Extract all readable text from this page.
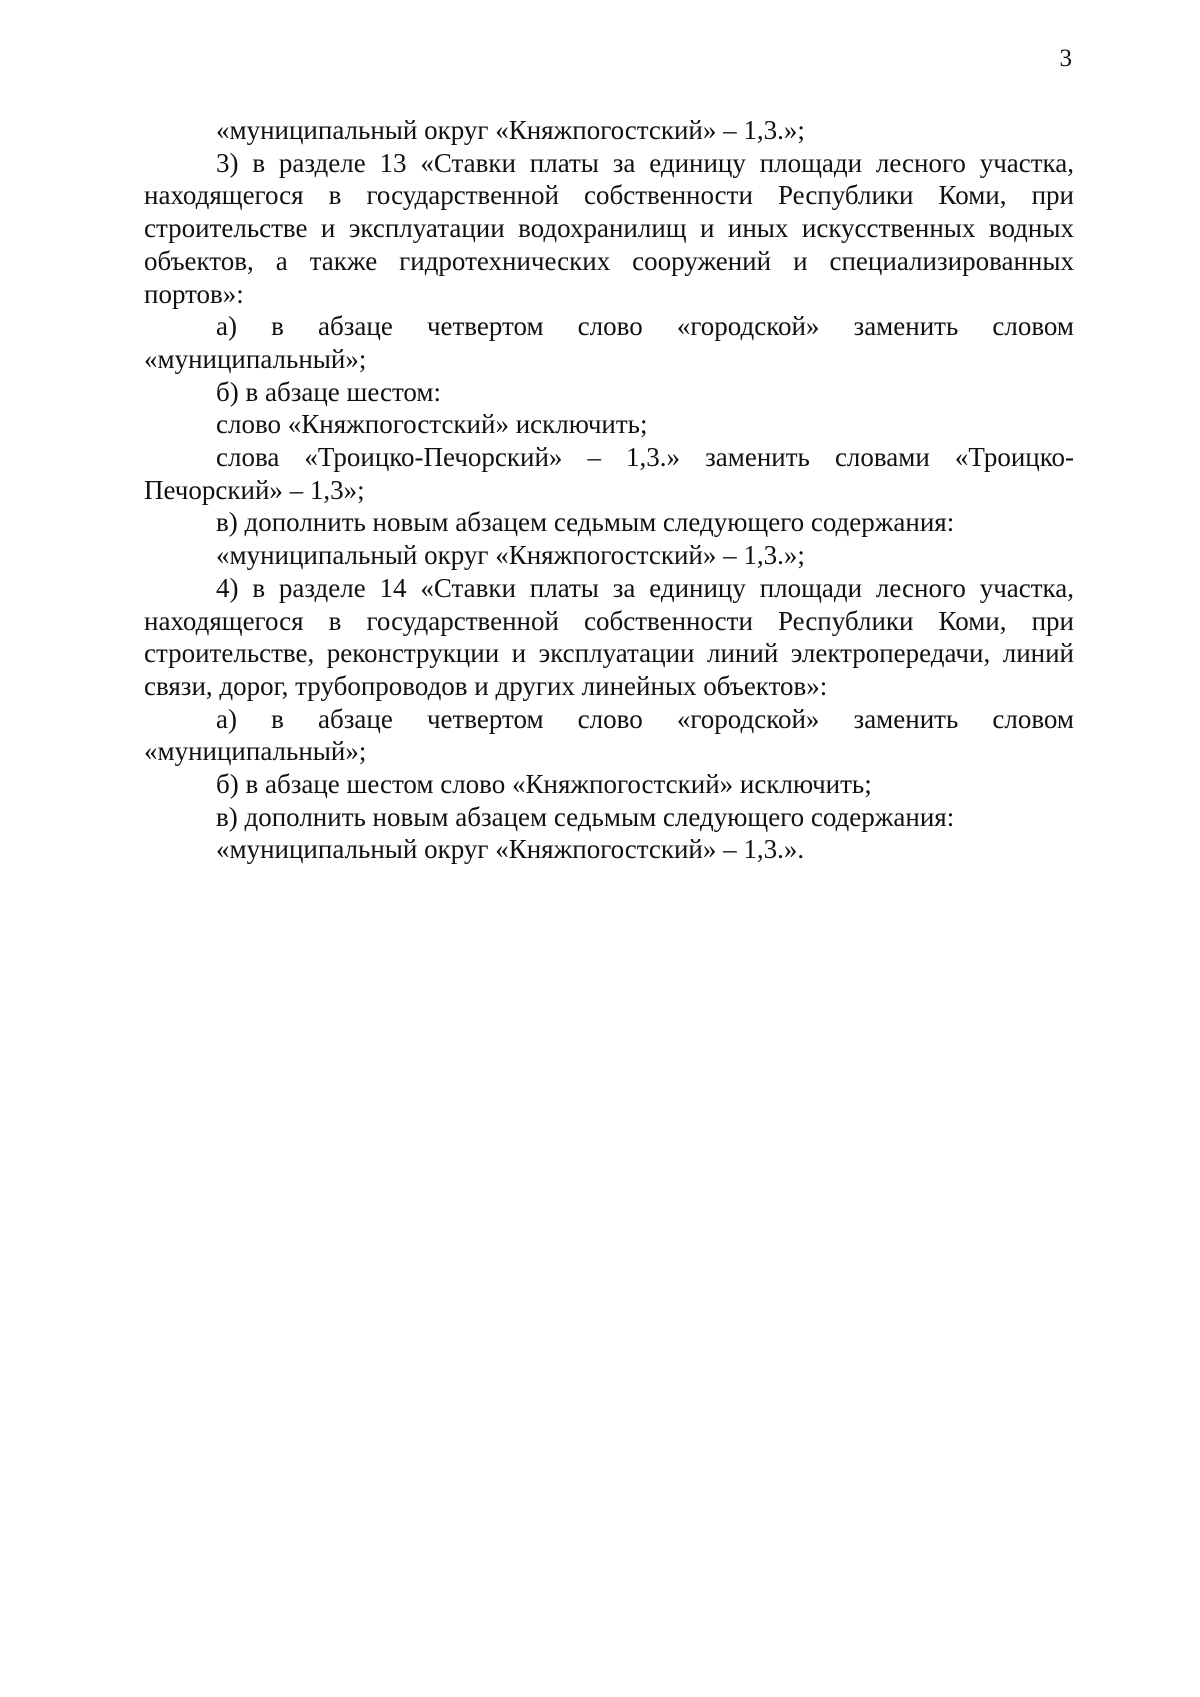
3

«муниципальный округ «Княжпогостский» – 1,3.»;

3) в разделе 13 «Ставки платы за единицу площади лесного участка, находящегося в государственной собственности Республики Коми, при строительстве и эксплуатации водохранилищ и иных искусственных водных объектов, а также гидротехнических сооружений и специализированных портов»:

а) в абзаце четвертом слово «городской» заменить словом «муниципальный»;

б) в абзаце шестом:

слово «Княжпогостский» исключить;

слова «Троицко-Печорский» – 1,3.» заменить словами «Троицко-Печорский» – 1,3»;

в) дополнить новым абзацем седьмым следующего содержания:

«муниципальный округ «Княжпогостский» – 1,3.»;

4) в разделе 14 «Ставки платы за единицу площади лесного участка, находящегося в государственной собственности Республики Коми, при строительстве, реконструкции и эксплуатации линий электропередачи, линий связи, дорог, трубопроводов и других линейных объектов»:

а) в абзаце четвертом слово «городской» заменить словом «муниципальный»;

б) в абзаце шестом слово «Княжпогостский» исключить;

в) дополнить новым абзацем седьмым следующего содержания:

«муниципальный округ «Княжпогостский» – 1,3.».
